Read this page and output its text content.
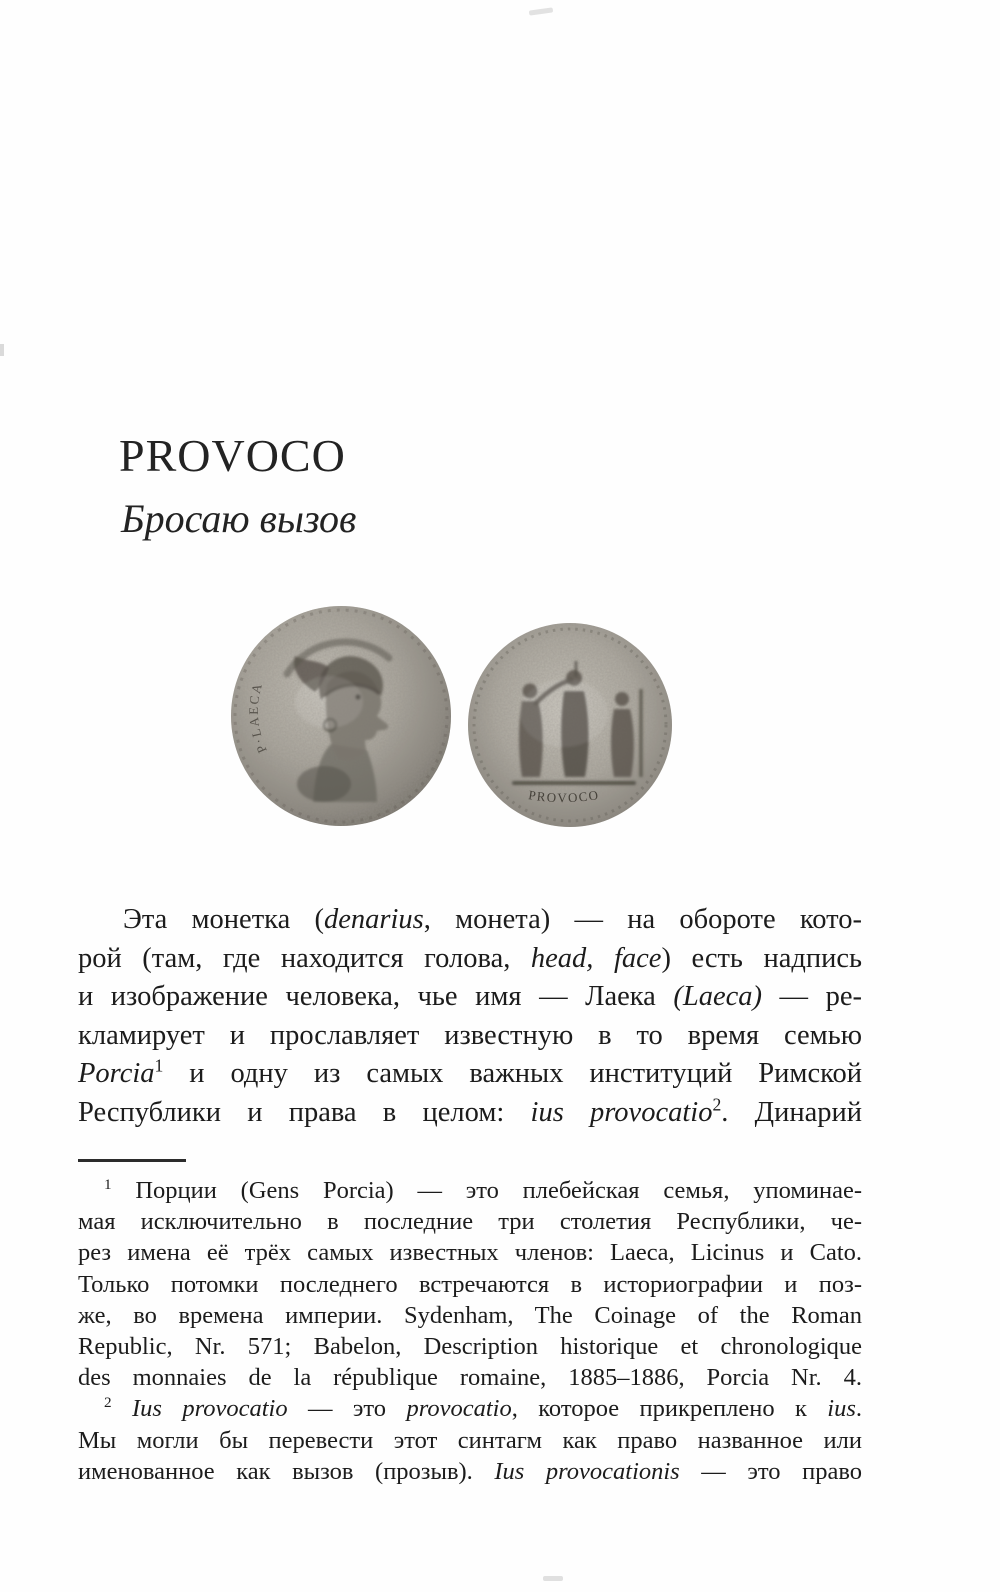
PROVOCO
Бросаю вызов
P·LAECA
PROVOCO
Эта монетка (denarius, монета) — на обороте кото-
рой (там, где находится голова, head, face) есть надпись
и изображение человека, чье имя — Лаека (Laeca) — ре-
кламирует и прославляет известную в то время семью
Porcia$^1$ и одну из самых важных институций Римской
Республики и права в целом: ius provocatio$^2$. Динарий
$^1$ Порции (Gens Porcia) — это плебейская семья, упоминае-
мая исключительно в последние три столетия Республики, че-
рез имена её трёх самых известных членов: Laeca, Licinus и Cato.
Только потомки последнего встречаются в историографии и поз-
же, во времена империи. Sydenham, The Coinage of the Roman
Republic, Nr. 571; Babelon, Description historique et chronologique
des monnaies de la république romaine, 1885–1886, Porcia Nr. 4.
$^2$ Ius provocatio — это provocatio, которое прикреплено к ius.
Мы могли бы перевести этот синтагм как право названное или
именованное как вызов (прозыв). Ius provocationis — это право
